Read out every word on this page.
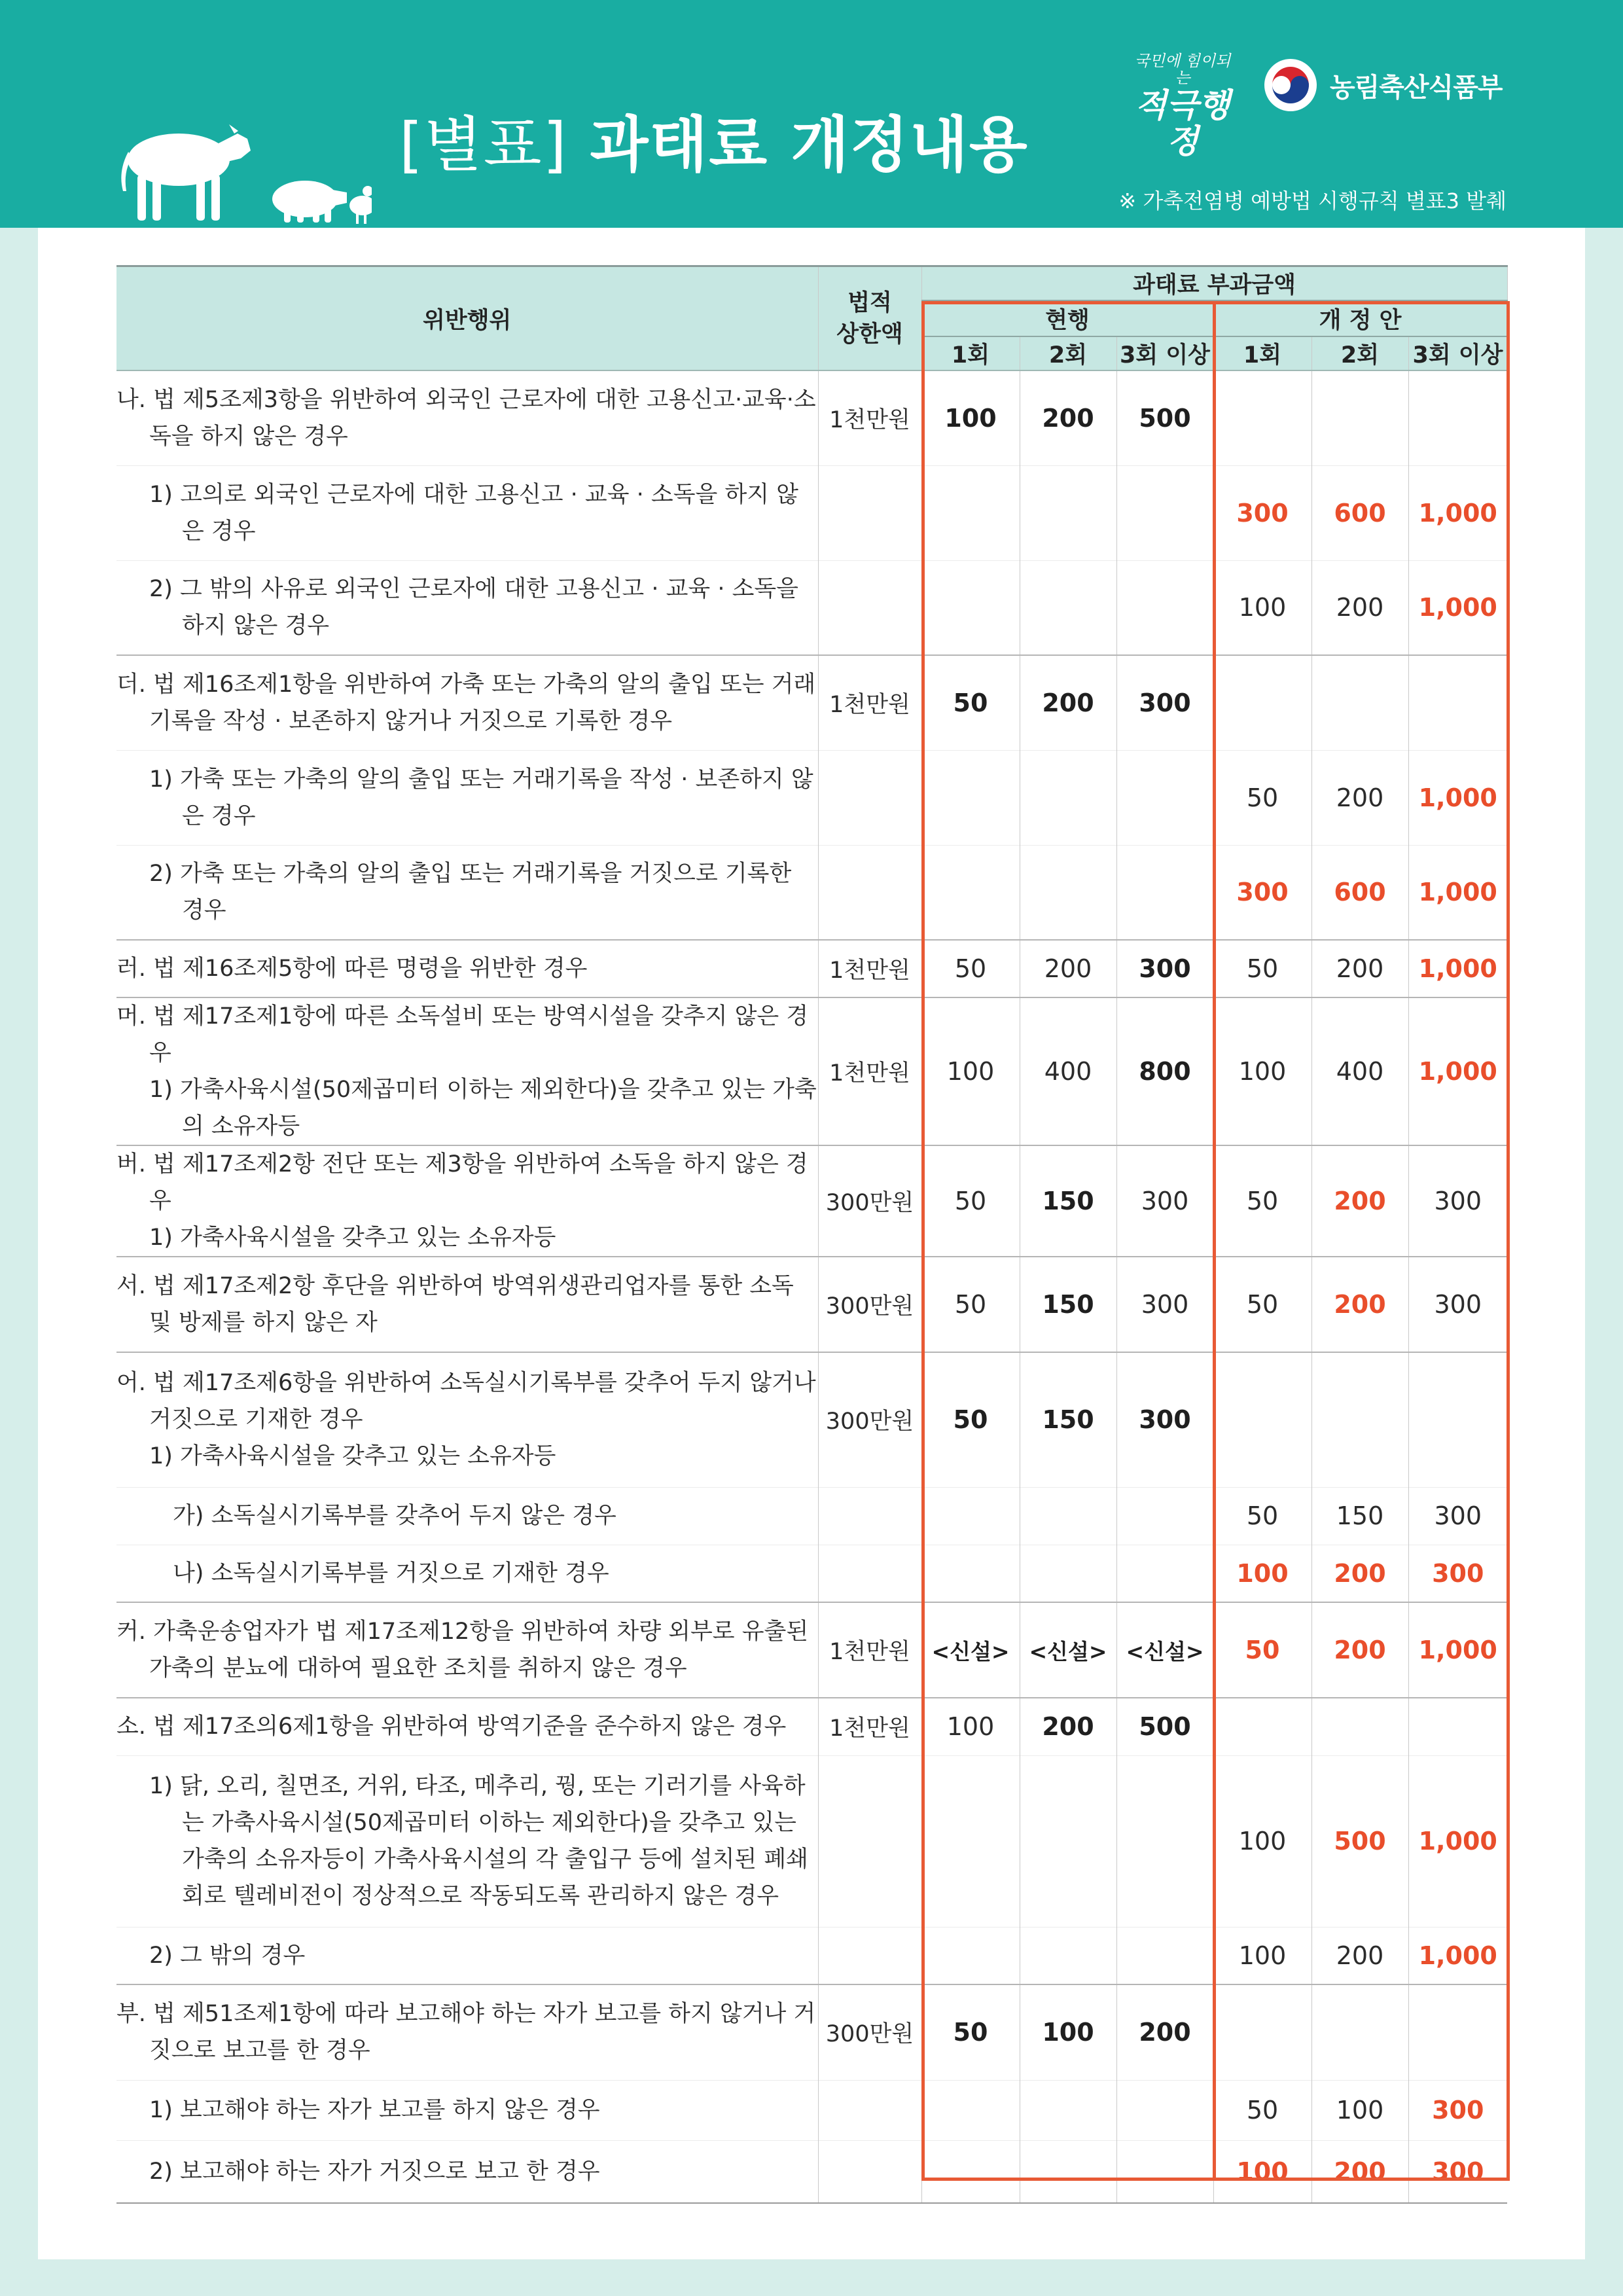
[별표] 과태료 개정내용
국민에 힘이되는
적극행정
농림축산식품부
※ 가축전염병 예방법 시행규칙 별표3 발췌
위반행위	법적 상한액	과태료 부과금액					
		현행			개 정 안		
		1회	2회	3회 이상	1회	2회	3회 이상

나. 법 제5조제3항을 위반하여 외국인 근로자에 대한 고용신고·교육·소독을 하지 않은 경우	1천만원	100	200	500			

1) 고의로 외국인 근로자에 대한 고용신고 · 교육 · 소독을 하지 않은 경우					300	600	1,000

2) 그 밖의 사유로 외국인 근로자에 대한 고용신고 · 교육 · 소독을 하지 않은 경우					100	200	1,000

더. 법 제16조제1항을 위반하여 가축 또는 가축의 알의 출입 또는 거래기록을 작성 · 보존하지 않거나 거짓으로 기록한 경우	1천만원	50	200	300			

1) 가축 또는 가축의 알의 출입 또는 거래기록을 작성 · 보존하지 않은 경우					50	200	1,000

2) 가축 또는 가축의 알의 출입 또는 거래기록을 거짓으로 기록한 경우					300	600	1,000

러. 법 제16조제5항에 따른 명령을 위반한 경우	1천만원	50	200	300	50	200	1,000

머. 법 제17조제1항에 따른 소독설비 또는 방역시설을 갖추지 않은 경우
1) 가축사육시설(50제곱미터 이하는 제외한다)을 갖추고 있는 가축의 소유자등	1천만원	100	400	800	100	400	1,000

버. 법 제17조제2항 전단 또는 제3항을 위반하여 소독을 하지 않은 경우
1) 가축사육시설을 갖추고 있는 소유자등	300만원	50	150	300	50	200	300

서. 법 제17조제2항 후단을 위반하여 방역위생관리업자를 통한 소독 및 방제를 하지 않은 자	300만원	50	150	300	50	200	300

어. 법 제17조제6항을 위반하여 소독실시기록부를 갖추어 두지 않거나 거짓으로 기재한 경우
1) 가축사육시설을 갖추고 있는 소유자등	300만원	50	150	300			

가) 소독실시기록부를 갖추어 두지 않은 경우					50	150	300

나) 소독실시기록부를 거짓으로 기재한 경우					100	200	300

커. 가축운송업자가 법 제17조제12항을 위반하여 차량 외부로 유출된 가축의 분뇨에 대하여 필요한 조치를 취하지 않은 경우	1천만원	<신설>	<신설>	<신설>	50	200	1,000

소. 법 제17조의6제1항을 위반하여 방역기준을 준수하지 않은 경우	1천만원	100	200	500			

1) 닭, 오리, 칠면조, 거위, 타조, 메추리, 꿩, 또는 기러기를 사육하는 가축사육시설(50제곱미터 이하는 제외한다)을 갖추고 있는 가축의 소유자등이 가축사육시설의 각 출입구 등에 설치된 폐쇄회로 텔레비전이 정상적으로 작동되도록 관리하지 않은 경우					100	500	1,000

2) 그 밖의 경우					100	200	1,000

부. 법 제51조제1항에 따라 보고해야 하는 자가 보고를 하지 않거나 거짓으로 보고를 한 경우	300만원	50	100	200			

1) 보고해야 하는 자가 보고를 하지 않은 경우					50	100	300

2) 보고해야 하는 자가 거짓으로 보고 한 경우					100	200	300
